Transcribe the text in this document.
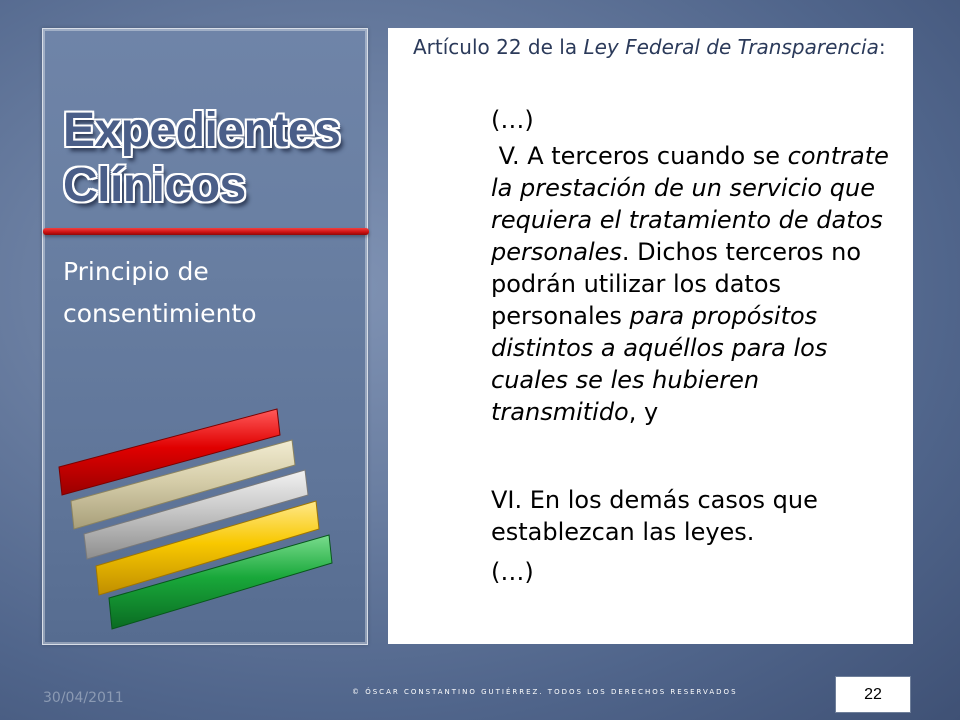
Expedientes
Clínicos

Principio de consentimiento

Artículo 22 de la Ley Federal de Transparencia:

(…)

V. A terceros cuando se contrate la prestación de un servicio que requiera el tratamiento de datos personales. Dichos terceros no podrán utilizar los datos personales para propósitos distintos a aquéllos para los cuales se les hubieren transmitido, y

VI. En los demás casos que establezcan las leyes.

(…)

30/04/2011	© ÓSCAR CONSTANTINO GUTIÉRREZ. TODOS LOS DERECHOS RESERVADOS	22
